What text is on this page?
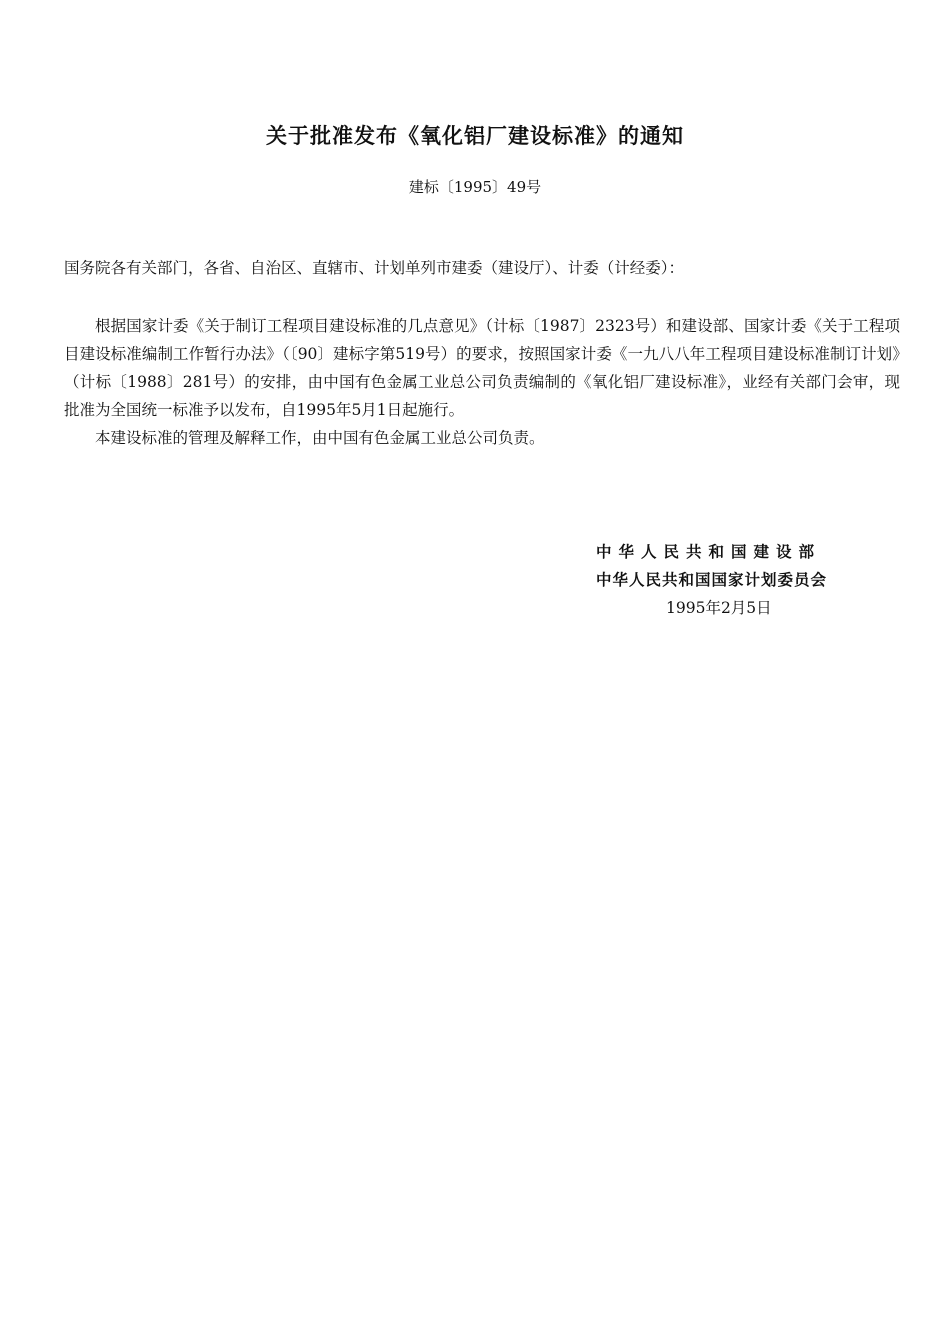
关于批准发布《氧化铝厂建设标准》的通知
建标〔1995〕49号
国务院各有关部门，各省、自治区、直辖市、计划单列市建委（建设厅）、计委（计经委）：

根据国家计委《关于制订工程项目建设标准的几点意见》（计标〔1987〕2323号）和建设部、国家计委《关于工程项目建设标准编制工作暂行办法》（〔90〕建标字第519号）的要求，按照国家计委《一九八八年工程项目建设标准制订计划》（计标〔1988〕281号）的安排，由中国有色金属工业总公司负责编制的《氧化铝厂建设标准》，业经有关部门会审，现批准为全国统一标准予以发布，自1995年5月1日起施行。

本建设标准的管理及解释工作，由中国有色金属工业总公司负责。

中华人民共和国建设部
中华人民共和国国家计划委员会
1995年2月5日
